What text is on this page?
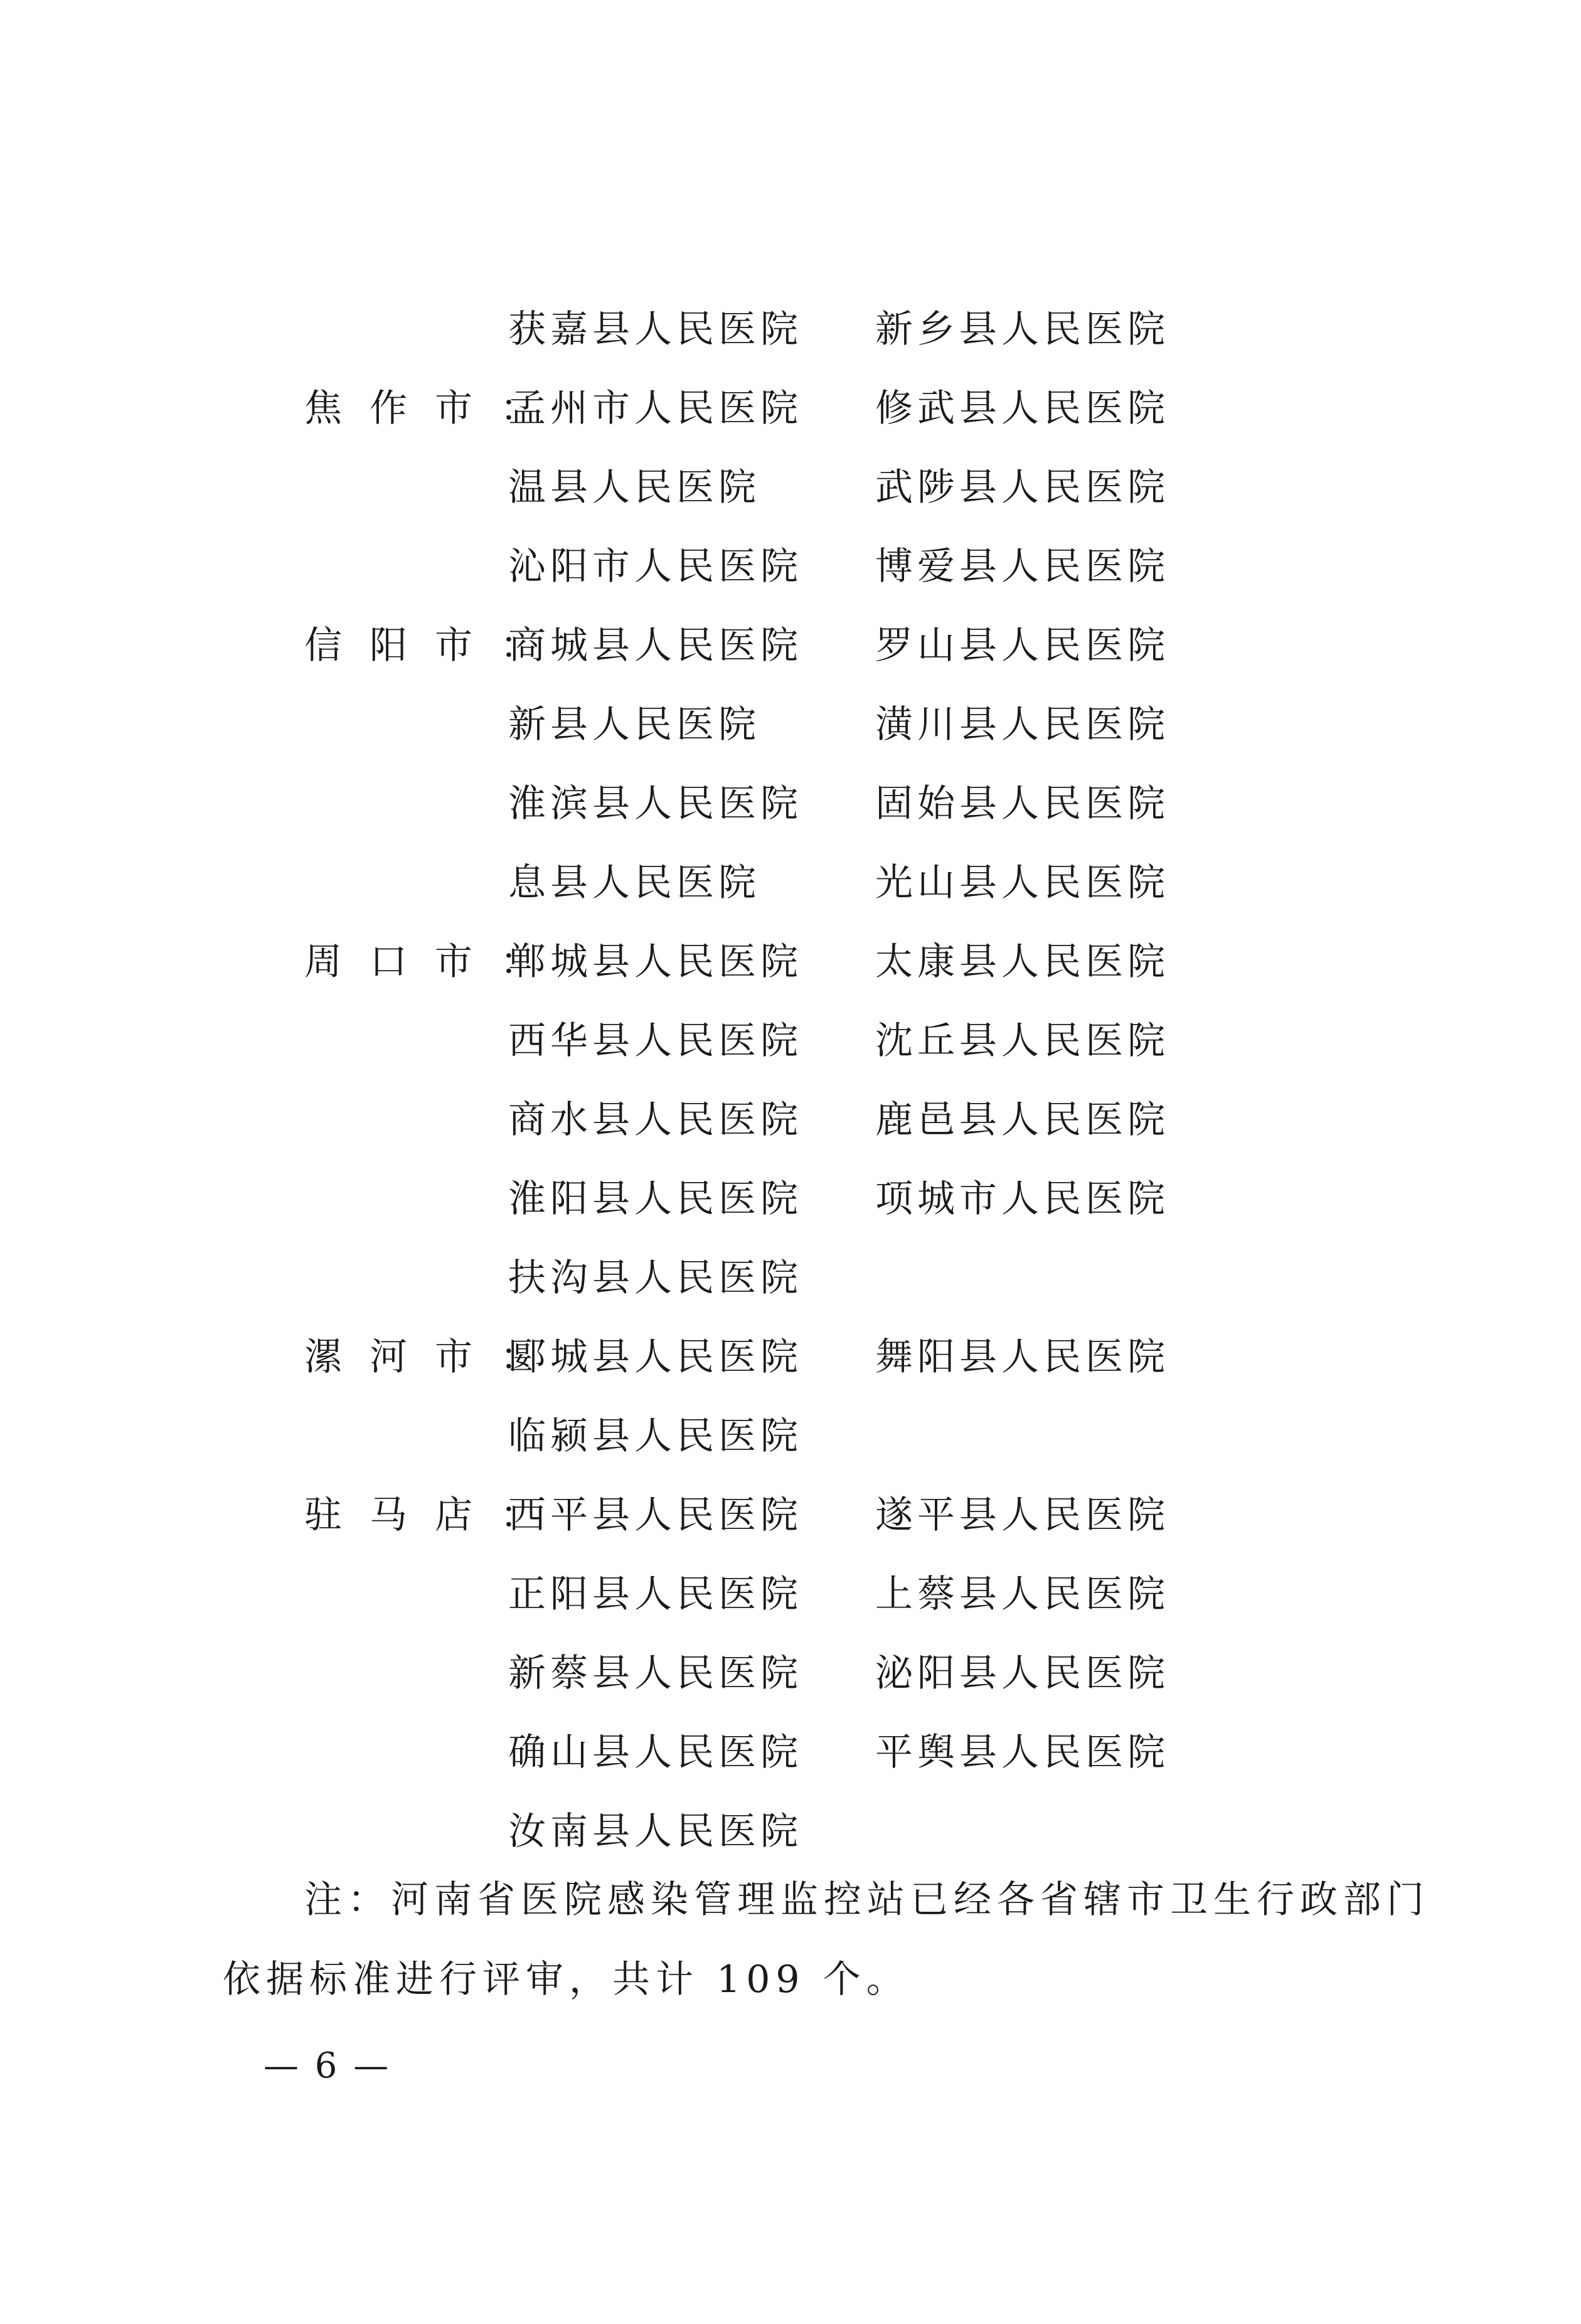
获嘉县人民医院 新乡县人民医院
焦作市：
孟州市人民医院 修武县人民医院
温县人民医院	武陟县人民医院
沁阳市人民医院 博爱县人民医院
信阳市：
商城县人民医院 罗山县人民医院
新县人民医院	潢川县人民医院
淮滨县人民医院 固始县人民医院
息县人民医院	光山县人民医院
周口市：
郸城县人民医院 太康县人民医院
西华县人民医院 沈丘县人民医院
商水县人民医院 鹿邑县人民医院
淮阳县人民医院 项城市人民医院
扶沟县人民医院
漯河市：
郾城县人民医院 舞阳县人民医院
临颍县人民医院
驻马店：
西平县人民医院 遂平县人民医院
正阳县人民医院 上蔡县人民医院
新蔡县人民医院 泌阳县人民医院
确山县人民医院 平舆县人民医院
汝南县人民医院
注：河南省医院感染管理监控站已经各省辖市卫生行政部门
依据标准进行评审，共计 109 个。
— 6 —
